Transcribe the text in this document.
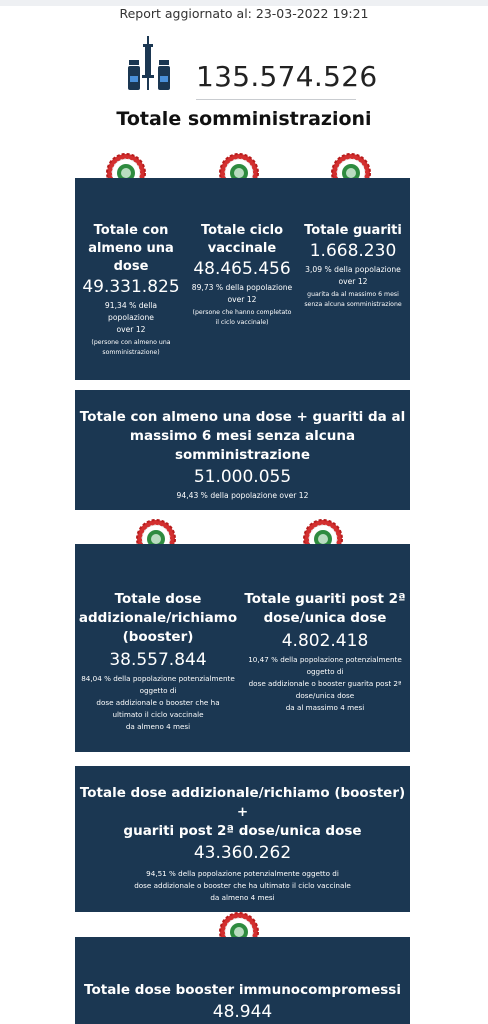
Report aggiornato al: 23-03-2022 19:21
135.574.526
Totale somministrazioni
Totale con
almeno una
dose
49.331.825
91,34 % della popolazione
over 12
(persone con almeno una
somministrazione)
Totale ciclo
vaccinale
48.465.456
89,73 % della popolazione
over 12
(persone che hanno completato
il ciclo vaccinale)
Totale guariti
1.668.230
3,09 % della popolazione
over 12
guarita da al massimo 6 mesi
senza alcuna somministrazione
Totale con almeno una dose + guariti da al
massimo 6 mesi senza alcuna somministrazione
51.000.055
94,43 % della popolazione over 12
Totale dose
addizionale/richiamo
(booster)
38.557.844
84,04 % della popolazione potenzialmente
oggetto di
dose addizionale o booster che ha
ultimato il ciclo vaccinale
da almeno 4 mesi
Totale guariti post 2ª
dose/unica dose
4.802.418
10,47 % della popolazione potenzialmente
oggetto di
dose addizionale o booster guarita post 2ª
dose/unica dose
da al massimo 4 mesi
Totale dose addizionale/richiamo (booster) +
guariti post 2ª dose/unica dose
43.360.262
94,51 % della popolazione potenzialmente oggetto di
dose addizionale o booster che ha ultimato il ciclo vaccinale
da almeno 4 mesi
Totale dose booster immunocompromessi
48.944
